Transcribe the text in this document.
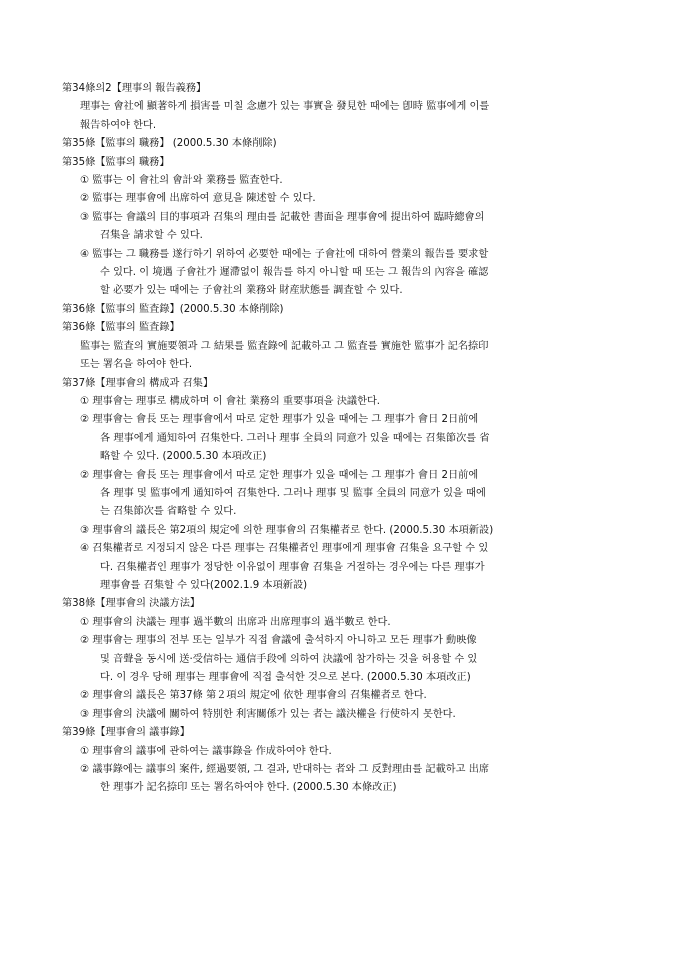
第34條의2【理事의 報告義務】
理事는 會社에 顯著하게 損害를 미칠 念慮가 있는 事實을 發見한 때에는 卽時 監事에게 이를
報告하여야 한다.
第35條【監事의 職務】 (2000.5.30 本條削除)
第35條【監事의 職務】
① 監事는 이 會社의 會計와 業務를 監査한다.
② 監事는 理事會에 出席하여 意見을 陳述할 수 있다.
③ 監事는 會議의 目的事項과 召集의 理由를 記載한 書面을 理事會에 提出하여 臨時總會의
召集을 請求할 수 있다.
④ 監事는 그 職務를 遂行하기 위하여 必要한 때에는 子會社에 대하여 營業의 報告를 要求할
수 있다. 이 境遇 子會社가 遲滯없이 報告를 하지 아니할 때 또는 그 報告의 內容을 確認
할 必要가 있는 때에는 子會社의 業務와 財産狀態를 調査할 수 있다.
第36條【監事의 監査錄】(2000.5.30 本條削除)
第36條【監事의 監査錄】
監事는 監査의 實施要領과 그 結果를 監査錄에 記載하고 그 監査를 實施한 監事가 記名捺印
또는 署名을 하여야 한다.
第37條【理事會의 構成과 召集】
① 理事會는 理事로 構成하며 이 會社 業務의 重要事項을 決議한다.
② 理事會는 會長 또는 理事會에서 따로 定한 理事가 있을 때에는 그 理事가 會日 2日前에
各 理事에게 通知하여 召集한다. 그러나 理事 全員의 同意가 있을 때에는 召集節次를 省
略할 수 있다. (2000.5.30 本項改正)
② 理事會는 會長 또는 理事會에서 따로 定한 理事가 있을 때에는 그 理事가 會日 2日前에
各 理事 및 監事에게 通知하여 召集한다. 그러나 理事 및 監事 全員의 同意가 있을 때에
는 召集節次를 省略할 수 있다.
③ 理事會의 議長은 第2項의 規定에 의한 理事會의 召集權者로 한다. (2000.5.30 本項新設)
④ 召集權者로 지정되지 않은 다른 理事는 召集權者인 理事에게 理事會 召集을 요구할 수 있
다. 召集權者인 理事가 정당한 이유없이 理事會 召集을 거절하는 경우에는 다른 理事가
理事會를 召集할 수 있다(2002.1.9 本項新設)
第38條【理事會의 決議方法】
① 理事會의 決議는 理事 過半數의 出席과 出席理事의 過半數로 한다.
② 理事會는 理事의 전부 또는 일부가 직접 會議에 출석하지 아니하고 모든 理事가 動映像
및 音聲을 동시에 送·受信하는 通信手段에 의하여 決議에 참가하는 것을 허용할 수 있
다. 이 경우 당해 理事는 理事會에 직접 출석한 것으로 본다. (2000.5.30 本項改正)
② 理事會의 議長은 第37條 第２項의 規定에 依한 理事會의 召集權者로 한다.
③ 理事會의 決議에 關하여 特別한 利害關係가 있는 者는 議決權을 行使하지 못한다.
第39條【理事會의 議事錄】
① 理事會의 議事에 관하여는 議事錄을 作成하여야 한다.
② 議事錄에는 議事의 案件, 經過要領, 그 결과, 반대하는 者와 그 反對理由를 記載하고 出席
한 理事가 記名捺印 또는 署名하여야 한다. (2000.5.30 本條改正)
